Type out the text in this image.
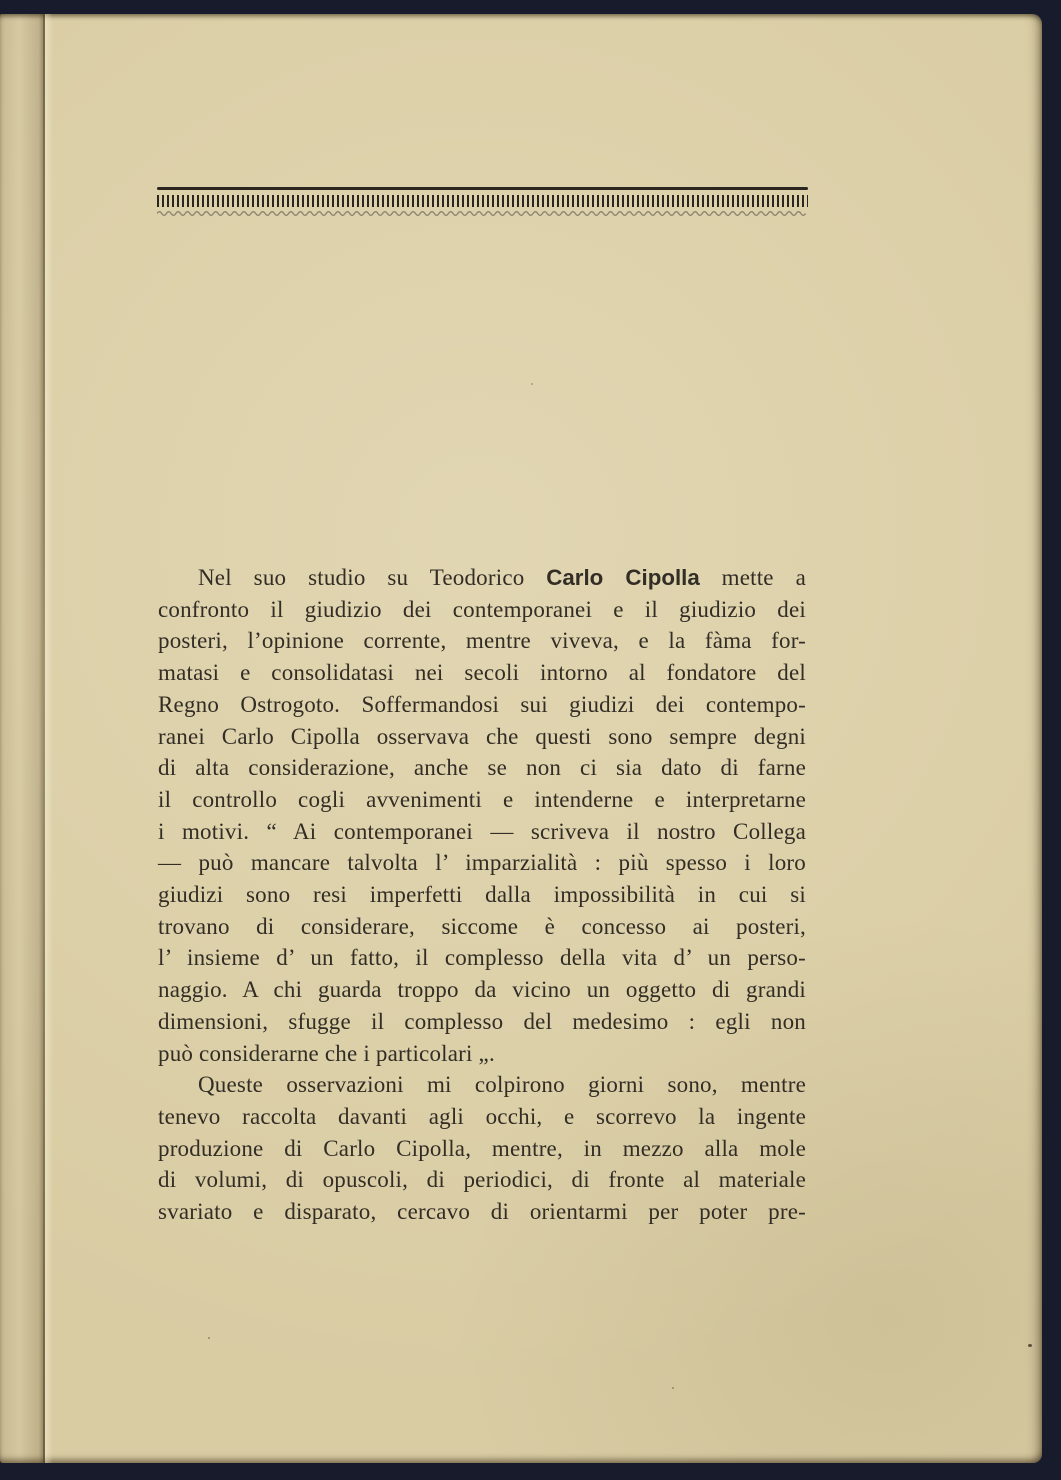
Nel suo studio su Teodorico Carlo Cipolla mette a
confronto il giudizio dei contemporanei e il giudizio dei
posteri, l’opinione corrente, mentre viveva, e la fàma for-
matasi e consolidatasi nei secoli intorno al fondatore del
Regno Ostrogoto. Soffermandosi sui giudizi dei contempo-
ranei Carlo Cipolla osservava che questi sono sempre degni
di alta considerazione, anche se non ci sia dato di farne
il controllo cogli avvenimenti e intenderne e interpretarne
i motivi. “ Ai contemporanei — scriveva il nostro Collega
— può mancare talvolta l’ imparzialità : più spesso i loro
giudizi sono resi imperfetti dalla impossibilità in cui si
trovano di considerare, siccome è concesso ai posteri,
l’ insieme d’ un fatto, il complesso della vita d’ un perso-
naggio. A chi guarda troppo da vicino un oggetto di grandi
dimensioni, sfugge il complesso del medesimo : egli non
può considerarne che i particolari „.
Queste osservazioni mi colpirono giorni sono, mentre
tenevo raccolta davanti agli occhi, e scorrevo la ingente
produzione di Carlo Cipolla, mentre, in mezzo alla mole
di volumi, di opuscoli, di periodici, di fronte al materiale
svariato e disparato, cercavo di orientarmi per poter pre-
